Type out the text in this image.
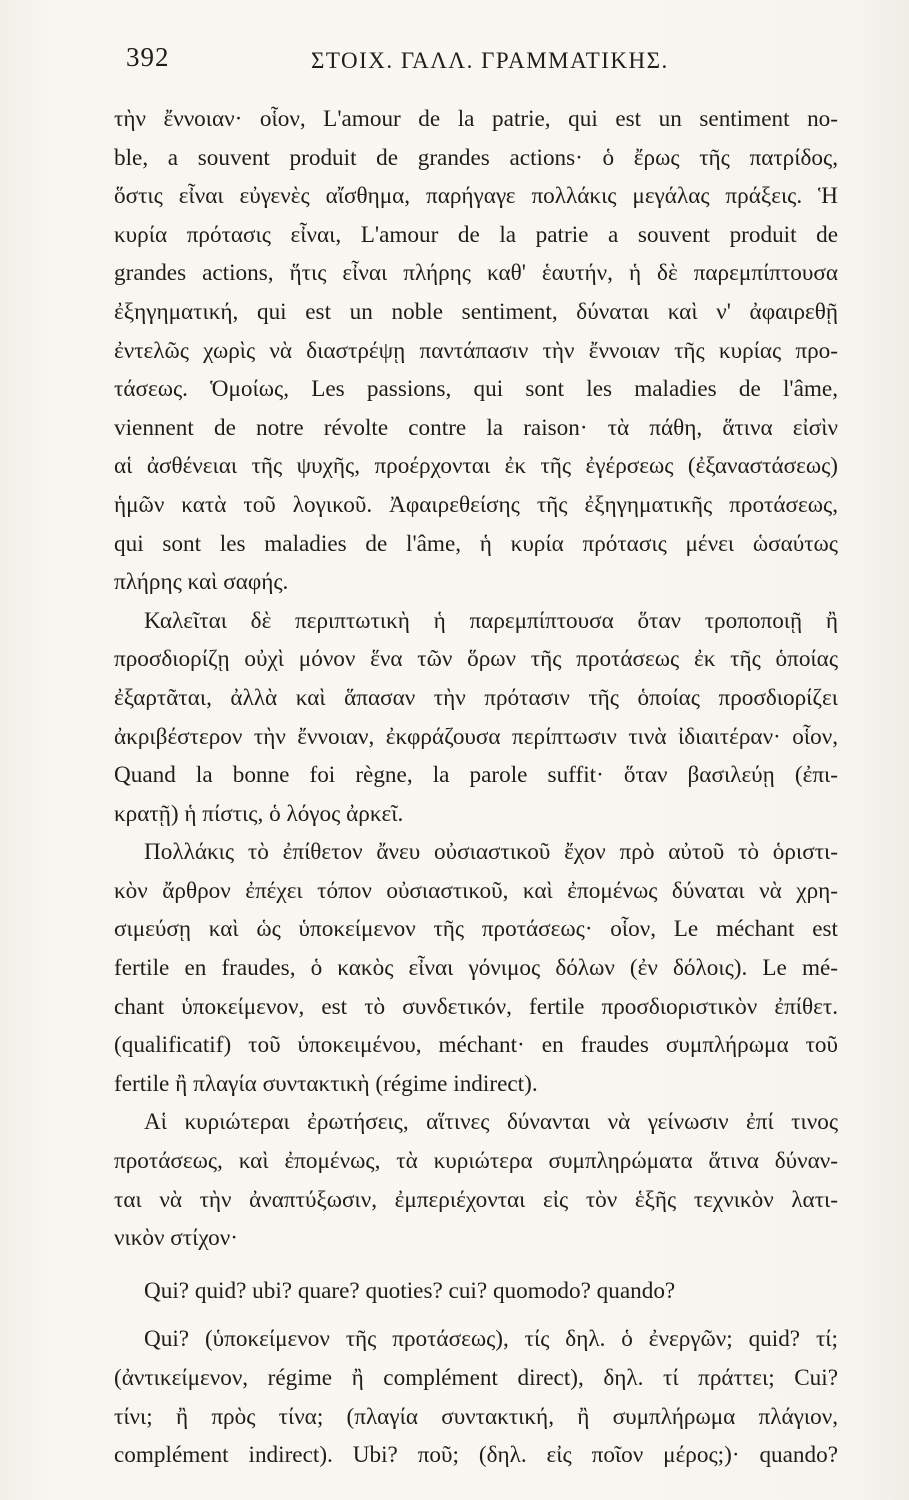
392	ΣΤΟΙΧ. ΓΑΛΛ. ΓΡΑΜΜΑΤΙΚΗΣ.
τὴν ἔννοιαν· οἷον, L'amour de la patrie, qui est un sentiment no-
ble, a souvent produit de grandes actions· ὁ ἔρως τῆς πατρίδος,
ὅστις εἶναι εὐγενὲς αἴσθημα, παρήγαγε πολλάκις μεγάλας πράξεις. Ἡ
κυρία πρότασις εἶναι, L'amour de la patrie a souvent produit de
grandes actions, ἥτις εἶναι πλήρης καθ' ἑαυτήν, ἡ δὲ παρεμπίπτουσα
ἐξηγηματική, qui est un noble sentiment, δύναται καὶ ν' ἀφαιρεθῇ
ἐντελῶς χωρὶς νὰ διαστρέψῃ παντάπασιν τὴν ἔννοιαν τῆς κυρίας προ-
τάσεως. Ὁμοίως, Les passions, qui sont les maladies de l'âme,
viennent de notre révolte contre la raison· τὰ πάθη, ἅτινα εἰσὶν
αἱ ἀσθένειαι τῆς ψυχῆς, προέρχονται ἐκ τῆς ἐγέρσεως (ἐξαναστάσεως)
ἡμῶν κατὰ τοῦ λογικοῦ. Ἀφαιρεθείσης τῆς ἐξηγηματικῆς προτάσεως,
qui sont les maladies de l'âme, ἡ κυρία πρότασις μένει ὡσαύτως
πλήρης καὶ σαφής.
Καλεῖται δὲ περιπτωτικὴ ἡ παρεμπίπτουσα ὅταν τροποποιῇ ἢ
προσδιορίζῃ οὐχὶ μόνον ἕνα τῶν ὅρων τῆς προτάσεως ἐκ τῆς ὁποίας
ἐξαρτᾶται, ἀλλὰ καὶ ἅπασαν τὴν πρότασιν τῆς ὁποίας προσδιορίζει
ἀκριβέστερον τὴν ἔννοιαν, ἐκφράζουσα περίπτωσιν τινὰ ἰδιαιτέραν· οἷον,
Quand la bonne foi règne, la parole suffit· ὅταν βασιλεύῃ (ἐπι-
κρατῇ) ἡ πίστις, ὁ λόγος ἀρκεῖ.
Πολλάκις τὸ ἐπίθετον ἄνευ οὐσιαστικοῦ ἔχον πρὸ αὐτοῦ τὸ ὁριστι-
κὸν ἄρθρον ἐπέχει τόπον οὐσιαστικοῦ, καὶ ἐπομένως δύναται νὰ χρη-
σιμεύσῃ καὶ ὡς ὑποκείμενον τῆς προτάσεως· οἷον, Le méchant est
fertile en fraudes, ὁ κακὸς εἶναι γόνιμος δόλων (ἐν δόλοις). Le mé-
chant ὑποκείμενον, est τὸ συνδετικόν, fertile προσδιοριστικὸν ἐπίθετ.
(qualificatif) τοῦ ὑποκειμένου, méchant· en fraudes συμπλήρωμα τοῦ
fertile ἢ πλαγία συντακτικὴ (régime indirect).
Αἱ κυριώτεραι ἐρωτήσεις, αἵτινες δύνανται νὰ γείνωσιν ἐπί τινος
προτάσεως, καὶ ἐπομένως, τὰ κυριώτερα συμπληρώματα ἅτινα δύναν-
ται νὰ τὴν ἀναπτύξωσιν, ἐμπεριέχονται εἰς τὸν ἑξῆς τεχνικὸν λατι-
νικὸν στίχον·
Qui? quid? ubi? quare? quoties? cui? quomodo? quando?
Qui? (ὑποκείμενον τῆς προτάσεως), τίς δηλ. ὁ ἐνεργῶν; quid? τί;
(ἀντικείμενον, régime ἢ complément direct), δηλ. τί πράττει; Cui?
τίνι; ἢ πρὸς τίνα; (πλαγία συντακτική, ἢ συμπλήρωμα πλάγιον,
complément indirect). Ubi? ποῦ; (δηλ. εἰς ποῖον μέρος;)· quando?
